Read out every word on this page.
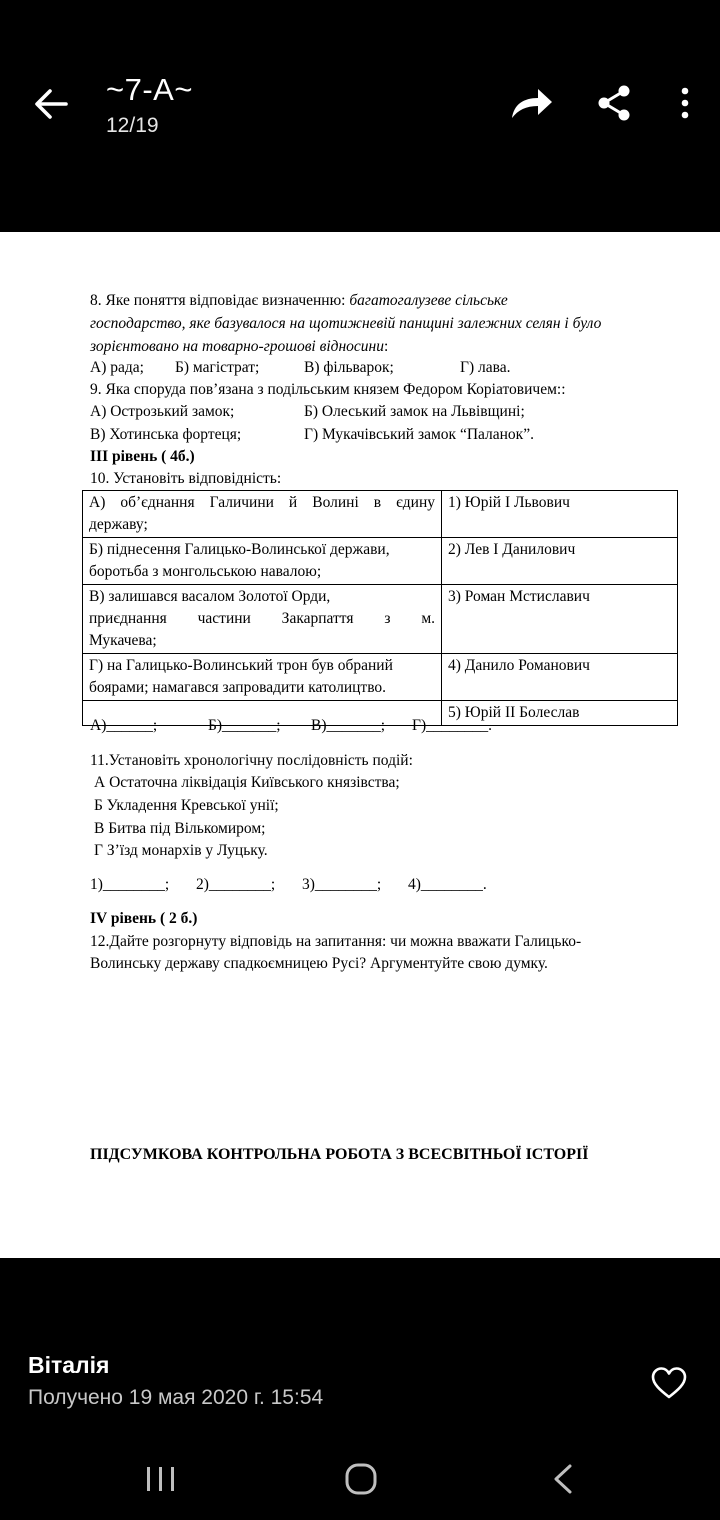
~7-А~
12/19
8. Яке поняття відповідає визначенню: багатогалузеве сільське
господарство, яке базувалося на щотижневій панщині залежних селян і було
зорієнтовано на товарно-грошові відносини:
А) рада; Б) магістрат;	В) фільварок;	Г) лава.
9. Яка споруда пов’язана з подільським князем Федором Коріатовичем::
А) Острозький замок;	Б) Олеський замок на Львівщині;
В) Хотинська фортеця;	Г) Мукачівський замок “Паланок”.
ІІІ рівень ( 4б.)
10. Установіть відповідність:
А) об’єднання Галичини й Волині в єдину
державу;	1) Юрій І Львович

Б) піднесення Галицько-Волинської держави,
боротьба з монгольською навалою;	2) Лев І Данилович

В) залишався васалом Золотої Орди,
приєднання частини Закарпаття з м.
Мукачева;	3) Роман Мстиславич

Г) на Галицько-Волинський трон був обраний
боярами; намагався запровадити католицтво.	4) Данило Романович
	5) Юрій ІІ Болеслав
А)______;	Б)_______; В)_______; Г)________.
11.Установіть хронологічну послідовність подій:
А Остаточна ліквідація Київського князівства;
Б Укладення Кревської унії;
В Битва під Вількомиром;
Г З’їзд монархів у Луцьку.
1)________; 2)________; 3)________; 4)________.
IV рівень ( 2 б.)
12.Дайте розгорнуту відповідь на запитання: чи можна вважати Галицько-
Волинську державу спадкоємницею Русі? Аргументуйте свою думку.
ПІДСУМКОВА КОНТРОЛЬНА РОБОТА З ВСЕСВІТНЬОЇ ІСТОРІЇ
Віталія
Получено 19 мая 2020 г. 15:54
